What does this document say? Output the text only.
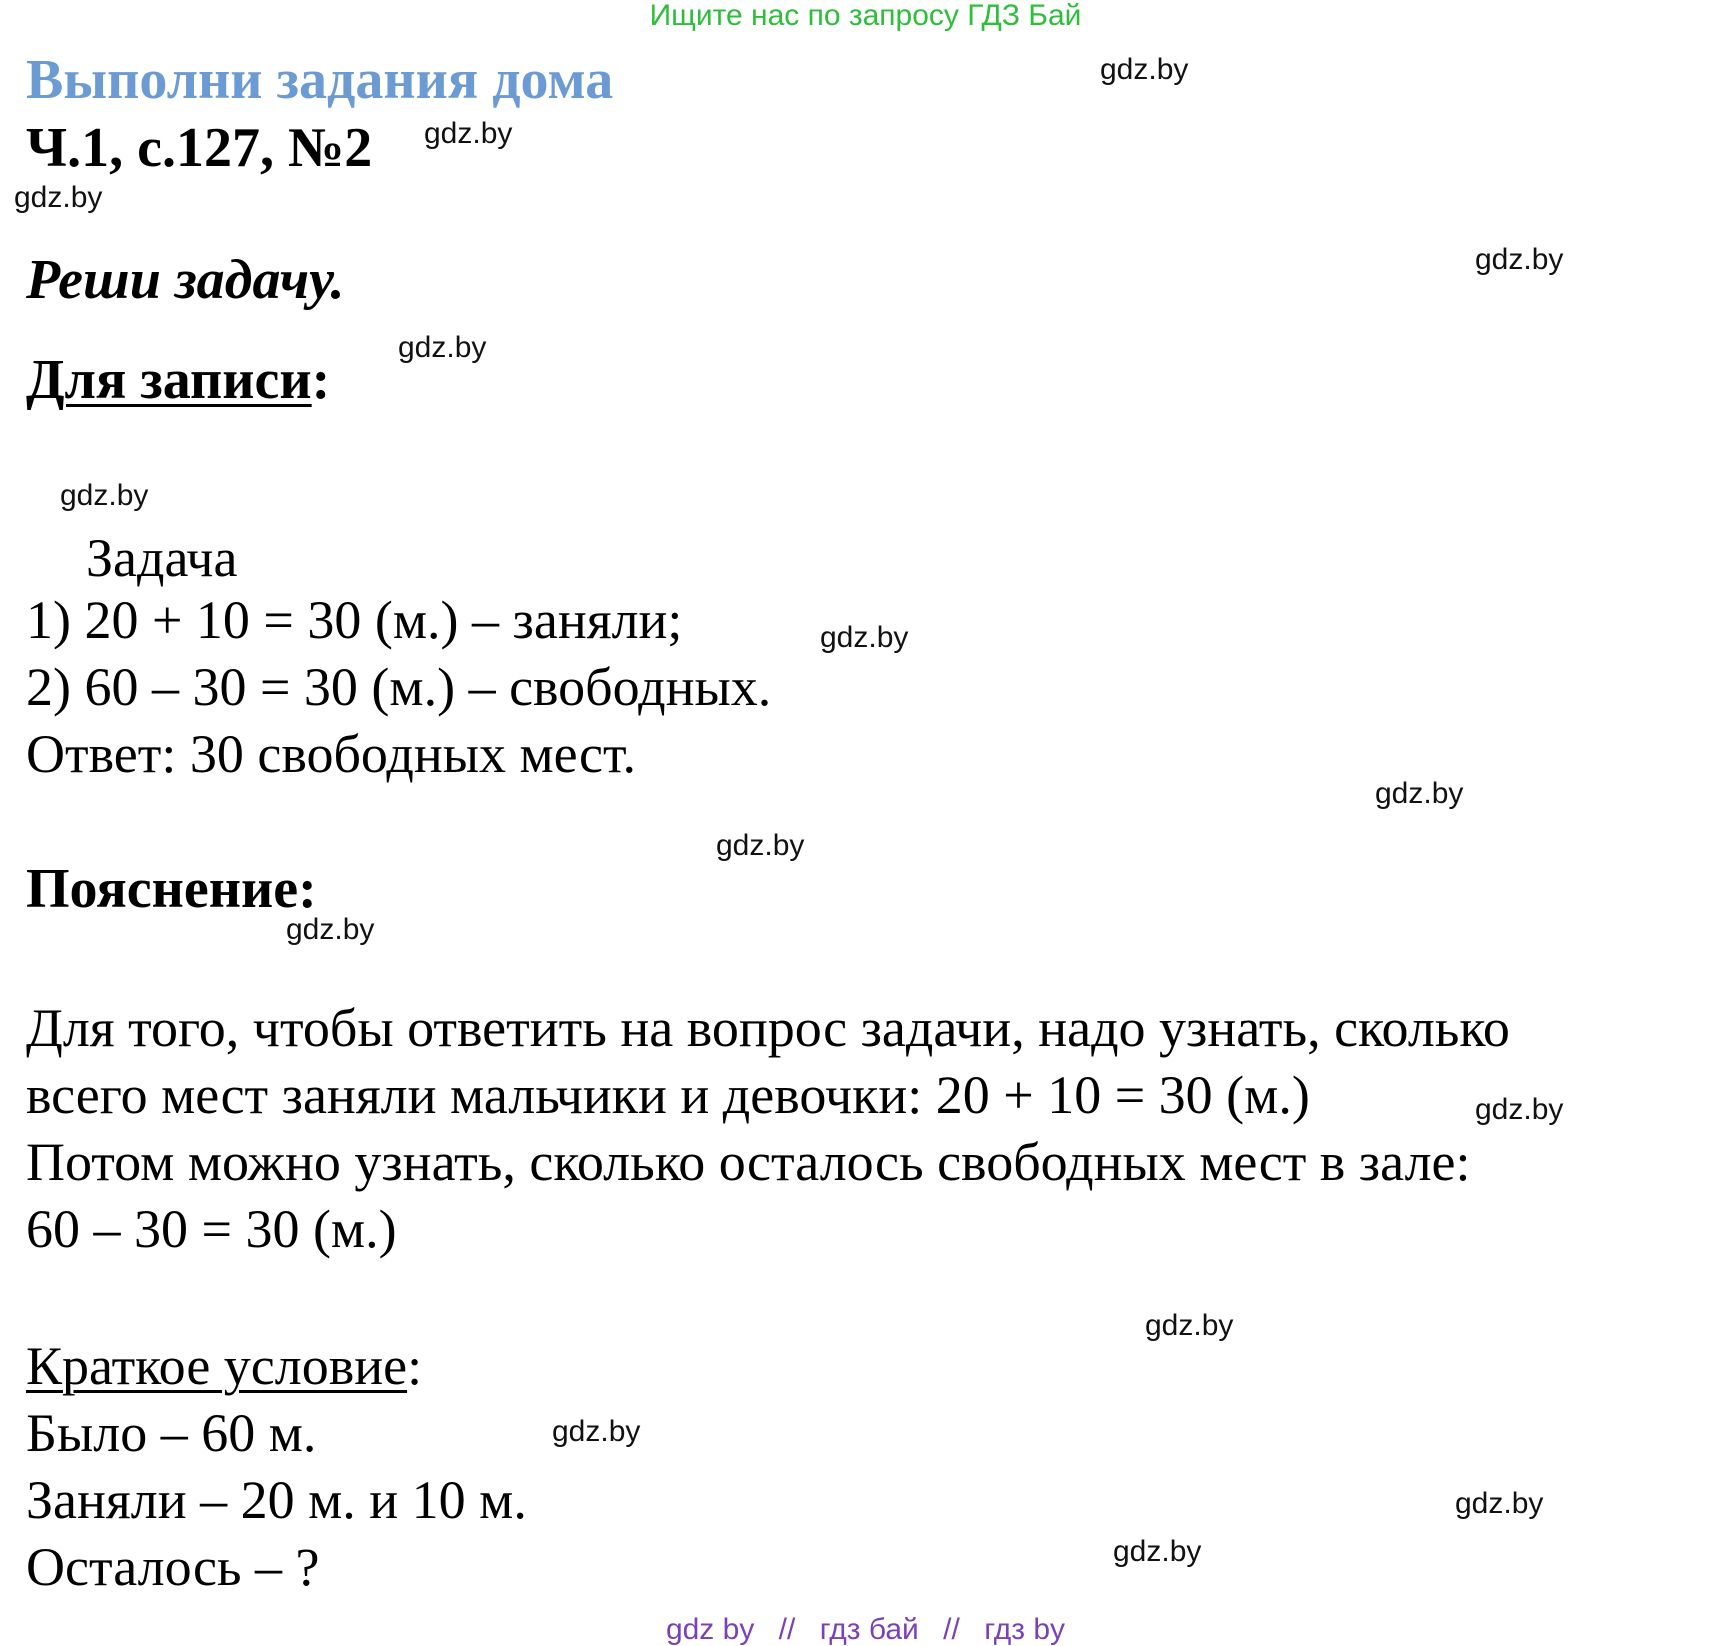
Ищите нас по запросу ГДЗ Бай
Выполни задания дома
Ч.1, с.127, №2
Реши задачу.
Для записи:
Задача
1) 20 + 10 = 30 (м.) – заняли;
2) 60 – 30 = 30 (м.) – свободных.
Ответ: 30 свободных мест.
Пояснение:
Для того, чтобы ответить на вопрос задачи, надо узнать, сколько
всего мест заняли мальчики и девочки: 20 + 10 = 30 (м.)
Потом можно узнать, сколько осталось свободных мест в зале:
60 – 30 = 30 (м.)
Краткое условие:
Было – 60 м.
Заняли – 20 м. и 10 м.
Осталось – ?
gdz.by
gdz.by
gdz.by
gdz.by
gdz.by
gdz.by
gdz.by
gdz.by
gdz.by
gdz.by
gdz.by
gdz.by
gdz.by
gdz.by
gdz.by
gdz by // гдз бай // гдз by
